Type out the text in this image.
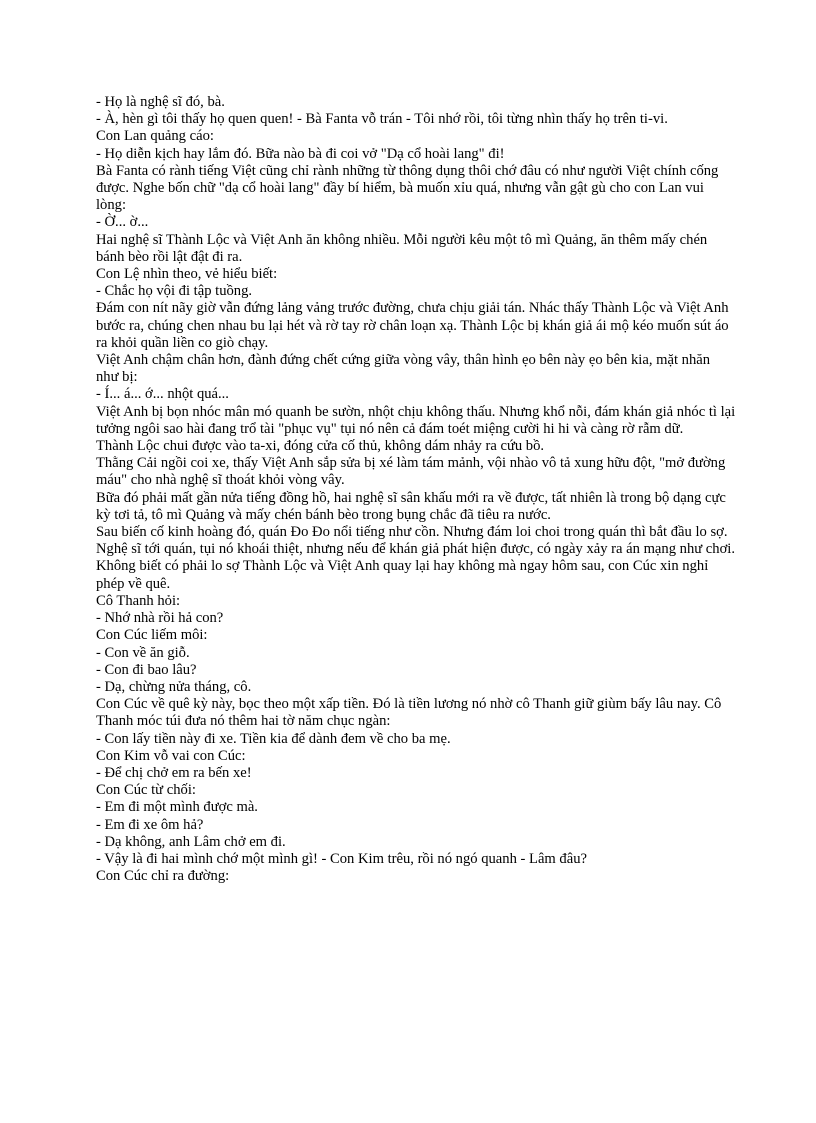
- Họ là nghệ sĩ đó, bà.

- À, hèn gì tôi thấy họ quen quen! - Bà Fanta vỗ trán - Tôi nhớ rồi, tôi từng nhìn thấy họ trên ti-vi.

Con Lan quảng cáo:

- Họ diễn kịch hay lắm đó. Bữa nào bà đi coi vở "Dạ cổ hoài lang" đi!

Bà Fanta có rành tiếng Việt cũng chỉ rành những từ thông dụng thôi chớ đâu có như người Việt chính cống được. Nghe bốn chữ "dạ cổ hoài lang" đầy bí hiểm, bà muốn xỉu quá, nhưng vẫn gật gù cho con Lan vui lòng:

- Ờ... ờ...

Hai nghệ sĩ Thành Lộc và Việt Anh ăn không nhiều. Mỗi người kêu một tô mì Quảng, ăn thêm mấy chén bánh bèo rồi lật đật đi ra.

Con Lệ nhìn theo, vẻ hiểu biết:

- Chắc họ vội đi tập tuồng.

Đám con nít nãy giờ vẫn đứng lảng vảng trước đường, chưa chịu giải tán. Nhác thấy Thành Lộc và Việt Anh bước ra, chúng chen nhau bu lại hét và rờ tay rờ chân loạn xạ. Thành Lộc bị khán giả ái mộ kéo muốn sút áo ra khỏi quần liền co giò chạy.

Việt Anh chậm chân hơn, đành đứng chết cứng giữa vòng vây, thân hình ẹo bên này ẹo bên kia, mặt nhăn như bị:

- Í... á... ớ... nhột quá...

Việt Anh bị bọn nhóc mân mó quanh be sườn, nhột chịu không thấu. Nhưng khổ nỗi, đám khán giả nhóc tì lại tưởng ngôi sao hài đang trổ tài "phục vụ" tụi nó nên cả đám toét miệng cười hi hi và càng rờ rẫm dữ.

Thành Lộc chui được vào ta-xi, đóng cửa cố thủ, không dám nhảy ra cứu bồ.

Thằng Cải ngồi coi xe, thấy Việt Anh sắp sửa bị xé làm tám mảnh, vội nhào vô tả xung hữu đột, "mở đường máu" cho nhà nghệ sĩ thoát khỏi vòng vây.

Bữa đó phải mất gần nửa tiếng đồng hồ, hai nghệ sĩ sân khấu mới ra về được, tất nhiên là trong bộ dạng cực kỳ tơi tả, tô mì Quảng và mấy chén bánh bèo trong bụng chắc đã tiêu ra nước.

Sau biến cố kinh hoàng đó, quán Đo Đo nổi tiếng như cồn. Nhưng đám loi choi trong quán thì bắt đầu lo sợ. Nghệ sĩ tới quán, tụi nó khoái thiệt, nhưng nếu để khán giả phát hiện được, có ngày xảy ra án mạng như chơi.

Không biết có phải lo sợ Thành Lộc và Việt Anh quay lại hay không mà ngay hôm sau, con Cúc xin nghỉ phép về quê.

Cô Thanh hỏi:

- Nhớ nhà rồi hả con?

Con Cúc liếm môi:

- Con về ăn giỗ.

- Con đi bao lâu?

- Dạ, chừng nửa tháng, cô.

Con Cúc về quê kỳ này, bọc theo một xấp tiền. Đó là tiền lương nó nhờ cô Thanh giữ giùm bấy lâu nay. Cô Thanh móc túi đưa nó thêm hai tờ năm chục ngàn:

- Con lấy tiền này đi xe. Tiền kia để dành đem về cho ba mẹ.

Con Kim vỗ vai con Cúc:

- Để chị chở em ra bến xe!

Con Cúc từ chối:

- Em đi một mình được mà.

- Em đi xe ôm hả?

- Dạ không, anh Lâm chở em đi.

- Vậy là đi hai mình chớ một mình gì! - Con Kim trêu, rồi nó ngó quanh - Lâm đâu?

Con Cúc chỉ ra đường:
